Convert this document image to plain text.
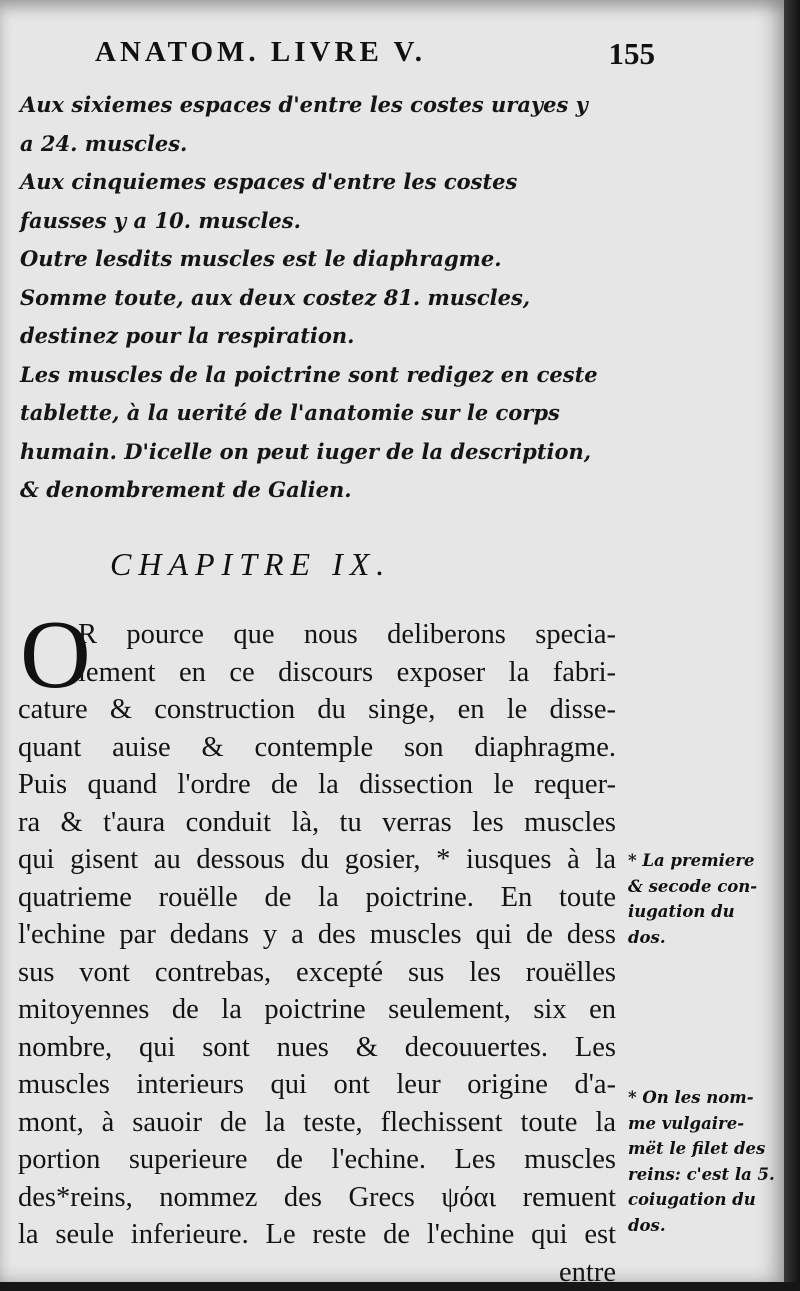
ANATOM. LIVRE V.	155

Aux sixiemes espaces d'entre les costes urayes y a 24. muscles.

Aux cinquiemes espaces d'entre les costes fausses y a 10. muscles.

Outre lesdits muscles est le diaphragme.

Somme toute, aux deux costez 81. muscles, destinez pour la respiration.

Les muscles de la poictrine sont redigez en ceste tablette, à la uerité de l'anatomie sur le corps humain. D'icelle on peut iuger de la description, & denombrement de Galien.

CHAPITRE IX.
O
R pource que nous deliberons specia-
lement en ce discours exposer la fabri-
cature & construction du singe, en le disse-
quant auise & contemple son diaphragme.
Puis quand l'ordre de la dissection le requer-
ra & t'aura conduit là, tu verras les muscles
qui gisent au dessous du gosier, * iusques à la
quatrieme rouëlle de la poictrine. En toute
l'echine par dedans y a des muscles qui de dess
sus vont contrebas, excepté sus les rouëlles
mitoyennes de la poictrine seulement, six en
nombre, qui sont nues & decouuertes. Les
muscles interieurs qui ont leur origine d'a-
mont, à sauoir de la teste, flechissent toute la
portion superieure de l'echine. Les muscles
des*reins, nommez des Grecs ψόαι remuent
la seule inferieure. Le reste de l'echine qui est
entre
* La premiere
& secode con-
iugation du
dos.
* On les nom-
me vulgaire-
mët le filet des
reins: c'est la 5.
coiugation du
dos.
